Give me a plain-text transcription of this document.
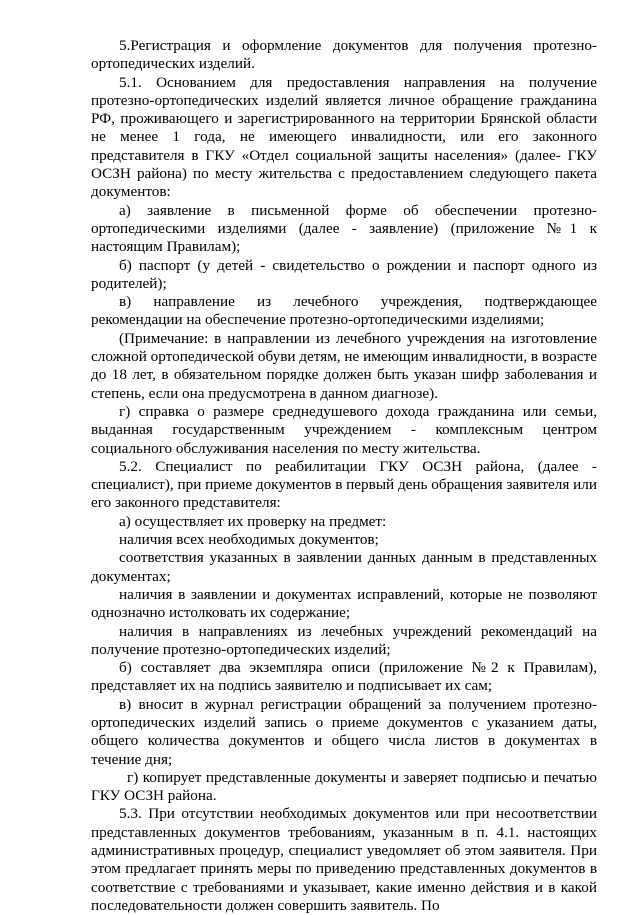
5.Регистрация и оформление документов для получения протезно-ортопедических изделий.

5.1. Основанием для предоставления направления на получение протезно-ортопедических изделий является личное обращение гражданина РФ, проживающего и зарегистрированного на территории Брянской области не менее 1 года, не имеющего инвалидности, или его законного представителя в ГКУ «Отдел социальной защиты населения» (далее- ГКУ ОСЗН района) по месту жительства с предоставлением следующего пакета документов:

а) заявление в письменной форме об обеспечении протезно-ортопедическими изделиями (далее - заявление) (приложение №1 к настоящим Правилам);

б) паспорт (у детей - свидетельство о рождении и паспорт одного из родителей);

в) направление из лечебного учреждения, подтверждающее рекомендации на обеспечение протезно-ортопедическими изделиями;

(Примечание: в направлении из лечебного учреждения на изготовление сложной ортопедической обуви детям, не имеющим инвалидности, в возрасте до 18 лет, в обязательном порядке должен быть указан шифр заболевания и степень, если она предусмотрена в данном диагнозе).

г) справка о размере среднедушевого дохода гражданина или семьи, выданная государственным учреждением - комплексным центром социального обслуживания населения по месту жительства.

5.2. Специалист по реабилитации ГКУ ОСЗН района, (далее - специалист), при приеме документов в первый день обращения заявителя или его законного представителя:

а) осуществляет их проверку на предмет:

наличия всех необходимых документов;

соответствия указанных в заявлении данных данным в представленных документах;

наличия в заявлении и документах исправлений, которые не позволяют однозначно истолковать их содержание;

наличия в направлениях из лечебных учреждений рекомендаций на получение протезно-ортопедических изделий;

б) составляет два экземпляра описи (приложение №2 к Правилам), представляет их на подпись заявителю и подписывает их сам;

в) вносит в журнал регистрации обращений за получением протезно-ортопедических изделий запись о приеме документов с указанием даты, общего количества документов и общего числа листов в документах в течение дня;

г) копирует представленные документы и заверяет подписью и печатью ГКУ ОСЗН района.

5.3. При отсутствии необходимых документов или при несоответствии представленных документов требованиям, указанным в п. 4.1. настоящих административных процедур, специалист уведомляет об этом заявителя. При этом предлагает принять меры по приведению представленных документов в соответствие с требованиями и указывает, какие именно действия и в какой последовательности должен совершить заявитель. По
